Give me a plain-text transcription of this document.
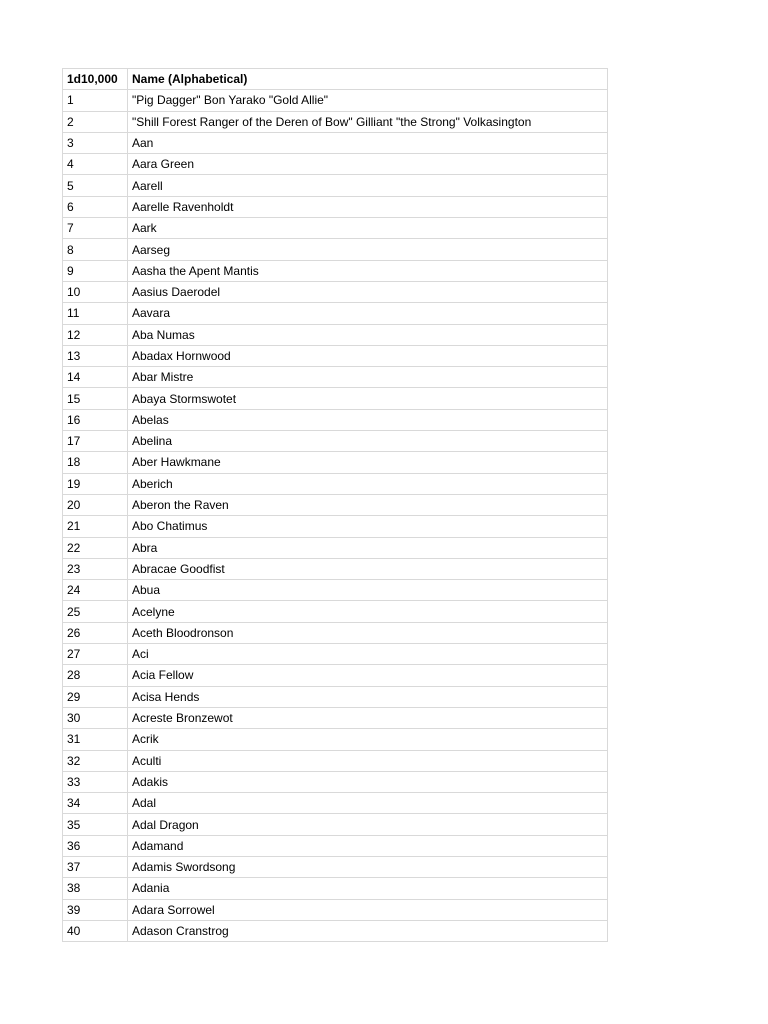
1d10,000	Name (Alphabetical)
1	"Pig Dagger" Bon Yarako "Gold Allie"
2	"Shill Forest Ranger of the Deren of Bow" Gilliant "the Strong" Volkasington
3	Aan
4	Aara Green
5	Aarell
6	Aarelle Ravenholdt
7	Aark
8	Aarseg
9	Aasha the Apent Mantis
10	Aasius Daerodel
11	Aavara
12	Aba Numas
13	Abadax Hornwood
14	Abar Mistre
15	Abaya Stormswotet
16	Abelas
17	Abelina
18	Aber Hawkmane
19	Aberich
20	Aberon the Raven
21	Abo Chatimus
22	Abra
23	Abracae Goodfist
24	Abua
25	Acelyne
26	Aceth Bloodronson
27	Aci
28	Acia Fellow
29	Acisa Hends
30	Acreste Bronzewot
31	Acrik
32	Aculti
33	Adakis
34	Adal
35	Adal Dragon
36	Adamand
37	Adamis Swordsong
38	Adania
39	Adara Sorrowel
40	Adason Cranstrog
